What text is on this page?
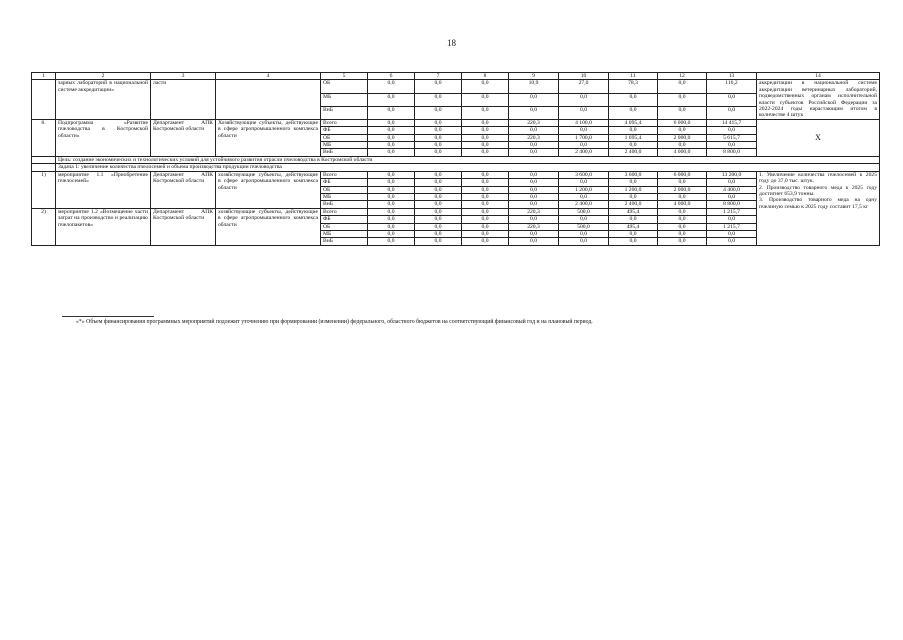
18
1	2	3	4	5	6	7	8	9	10	11	12	13	14
	зарных лабораторий в национальной системе аккредитации»	ласти		ОБ	0,0	0,0	0,0	10,9	27,0	78,3	0,0	116,2	аккредитации в национальной системе аккредитации ветеринарных лабораторий, подведомственных органам исполнительной власти субъектов Российской Федерации за 2022-2024 годы нарастающим итогом в количестве 4 штук
				МБ	0,0	0,0	0,0	0,0	0,0	0,0	0,0	0,0	
				ВнБ	0,0	0,0	0,0	0,0	0,0	0,0	0,0	0,0	
8.	Подпрограмма «Развитие пчеловодства в Костромской области»	Департамент АПК Костромской области	Хозяйствующие субъекты, действующие в сфере агропромышленного комплекса области	Всего	0,0	0,0	0,0	220,3	4 100,0	4 095,4	6 000,0	14 415,7	Х
				ФБ	0,0	0,0	0,0	0,0	0,0	0,0	0,0	0,0	
				ОБ	0,0	0,0	0,0	220,3	1 700,0	1 695,4	2 000,0	5 615,7	
				МБ	0,0	0,0	0,0	0,0	0,0	0,0	0,0	0,0	
				ВнБ	0,0	0,0	0,0	0,0	2 400,0	2 400,0	4 000,0	8 800,0	
	Цель: создание экономических и технологических условий для устойчивого развития отрасли пчеловодства в Костромской области												
	Задача 1: увеличение количества пчелосемей и объема производства продукции пчеловодства												
1)	мероприятие 1.1 «Приобретение пчелосемей»	Департамент АПК Костромской области	хозяйствующие субъекты, действующие в сфере агропромышленного комплекса области	Всего	0,0	0,0	0,0	0,0	3 600,0	3 600,0	6 000,0	13 200,0	1. Увеличение количества пчелосемей к 2025 году до 37,0 тыс. штук.
2. Производство товарного меда к 2025 году достигнет 653,9 тонны.
3. Производство товарного меда на одну пчелиную семью к 2025 году составит 17,5 кг
				ФБ	0,0	0,0	0,0	0,0	0,0	0,0	0,0	0,0	
				ОБ	0,0	0,0	0,0	0,0	1 200,0	1 200,0	2 000,0	4 400,0	
				МБ	0,0	0,0	0,0	0,0	0,0	0,0	0,0	0,0	
				ВнБ	0,0	0,0	0,0	0,0	2 400,0	2 400,0	4 000,0	8 800,0	
2)	мероприятие 1.2 «Возмещение части затрат на производство и реализацию пчелопакетов»	Департамент АПК Костромской области	хозяйствующие субъекты, действующие в сфере агропромышленного комплекса области	Всего	0,0	0,0	0,0	220,3	500,0	495,4	0,0	1 215,7	
				ФБ	0,0	0,0	0,0	0,0	0,0	0,0	0,0	0,0	
				ОБ	0,0	0,0	0,0	220,3	500,0	495,4	0,0	1 215,7	
				МБ	0,0	0,0	0,0	0,0	0,0	0,0	0,0	0,0	
				ВнБ	0,0	0,0	0,0	0,0	0,0	0,0	0,0	0,0	
«*» Объем финансирования программных мероприятий подлежит уточнению при формировании (изменении) федерального, областного бюджетов на соответствующий финансовый год и на плановый период.
